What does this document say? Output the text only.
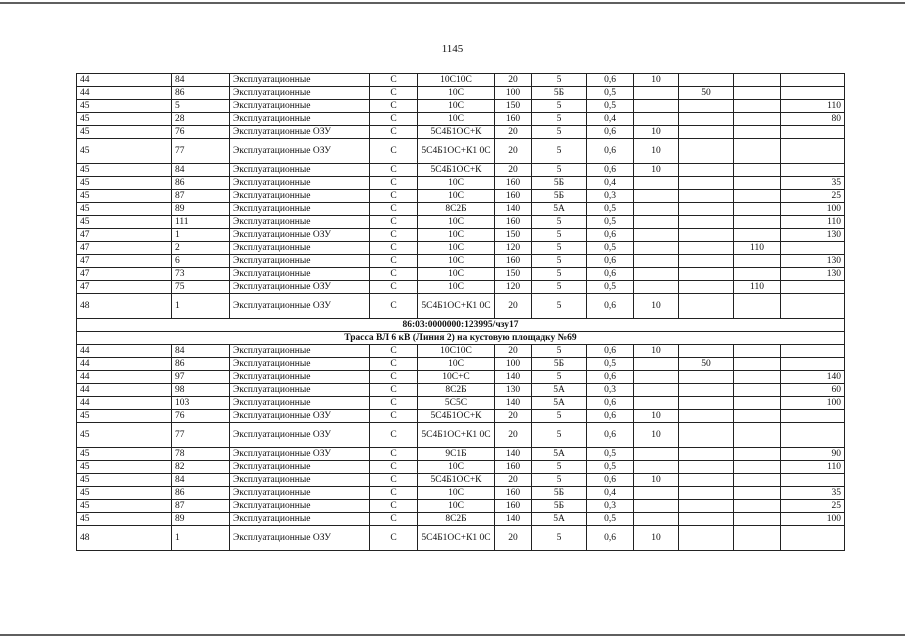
1145
44	84	Эксплуатационные	С	10С10С	20	5	0,6	10			
44	86	Эксплуатационные	С	10С	100	5Б	0,5		50		
45	5	Эксплуатационные	С	10С	150	5	0,5				110
45	28	Эксплуатационные	С	10С	160	5	0,4				80
45	76	Эксплуатационные ОЗУ	С	5С4Б1ОС+К	20	5	0,6	10			
45	77	Эксплуатационные ОЗУ	С	5С4Б1ОС+К1 0С	20	5	0,6	10			
45	84	Эксплуатационные	С	5С4Б1ОС+К	20	5	0,6	10			
45	86	Эксплуатационные	С	10С	160	5Б	0,4				35
45	87	Эксплуатационные	С	10С	160	5Б	0,3				25
45	89	Эксплуатационные	С	8С2Б	140	5А	0,5				100
45	111	Эксплуатационные	С	10С	160	5	0,5				110
47	1	Эксплуатационные ОЗУ	С	10С	150	5	0,6				130
47	2	Эксплуатационные	С	10С	120	5	0,5			110	
47	6	Эксплуатационные	С	10С	160	5	0,6				130
47	73	Эксплуатационные	С	10С	150	5	0,6				130
47	75	Эксплуатационные ОЗУ	С	10С	120	5	0,5			110	
48	1	Эксплуатационные ОЗУ	С	5С4Б1ОС+К1 0С	20	5	0,6	10			
86:03:0000000:123995/чзу17											
Трасса ВЛ 6 кВ (Линия 2) на кустовую площадку №69											
44	84	Эксплуатационные	С	10С10С	20	5	0,6	10			
44	86	Эксплуатационные	С	10С	100	5Б	0,5		50		
44	97	Эксплуатационные	С	10С+С	140	5	0,6				140
44	98	Эксплуатационные	С	8С2Б	130	5А	0,3				60
44	103	Эксплуатационные	С	5С5С	140	5А	0,6				100
45	76	Эксплуатационные ОЗУ	С	5С4Б1ОС+К	20	5	0,6	10			
45	77	Эксплуатационные ОЗУ	С	5С4Б1ОС+К1 0С	20	5	0,6	10			
45	78	Эксплуатационные ОЗУ	С	9С1Б	140	5А	0,5				90
45	82	Эксплуатационные	С	10С	160	5	0,5				110
45	84	Эксплуатационные	С	5С4Б1ОС+К	20	5	0,6	10			
45	86	Эксплуатационные	С	10С	160	5Б	0,4				35
45	87	Эксплуатационные	С	10С	160	5Б	0,3				25
45	89	Эксплуатационные	С	8С2Б	140	5А	0,5				100
48	1	Эксплуатационные ОЗУ	С	5С4Б1ОС+К1 0С	20	5	0,6	10			
